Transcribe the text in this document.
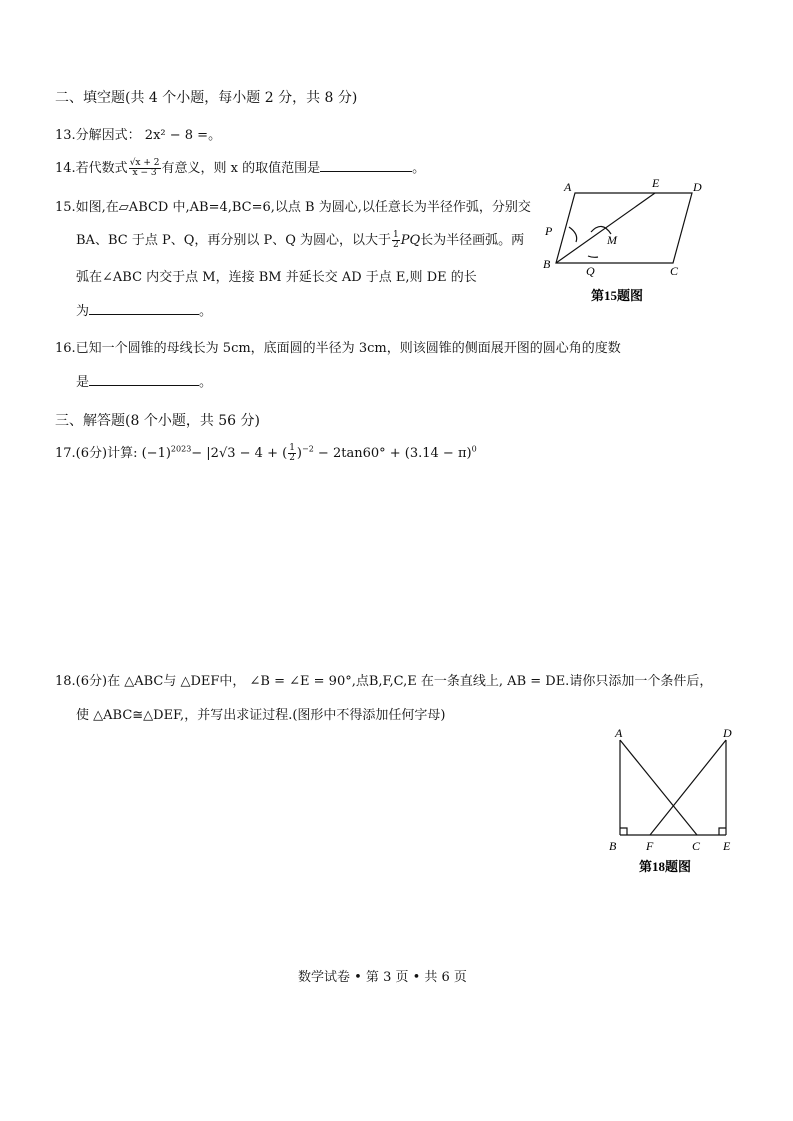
二、填空题(共 4 个小题，每小题 2 分，共 8 分)
13.分解因式： 2x² − 8 =。
14.若代数式 $\frac{√x + 2}{x - 3}$ 有意义，则 x 的取值范围是	。
15.如图,在▱ABCD 中,AB=4,BC=6,以点 B 为圆心,以任意长为半径作弧，分别交
BA、BC 于点 P、Q，再分别以 P、Q 为圆心，以大于 $\frac{1}{2}$ PQ长为半径画弧。两
弧在∠ABC 内交于点 M，连接 BM 并延长交 AD 于点 E,则 DE 的长
为	。
A	E	D
P
M
B	Q	C
第15题图
16.已知一个圆锥的母线长为 5cm，底面圆的半径为 3cm，则该圆锥的侧面展开图的圆心角的度数
是	。
三、解答题(8 个小题，共 56 分)
17.(6分)计算: $(-1)^{2023}- |2√3 - 4$ + ( $\frac{1}{2} )^{-2} - 2\tan 60^\circ + (3.14 - \pi)^0$
18.(6分)在 △ABC与 △DEF中， ∠B = ∠E = 90°,点B,F,C,E 在一条直线上, AB = DE.请你只添加一个条件后，
使 △ABC≅△DEF,，并写出求证过程.(图形中不得添加任何字母)
A	D
B F	C E
第18题图
数学试卷 • 第 3 页 • 共 6 页
